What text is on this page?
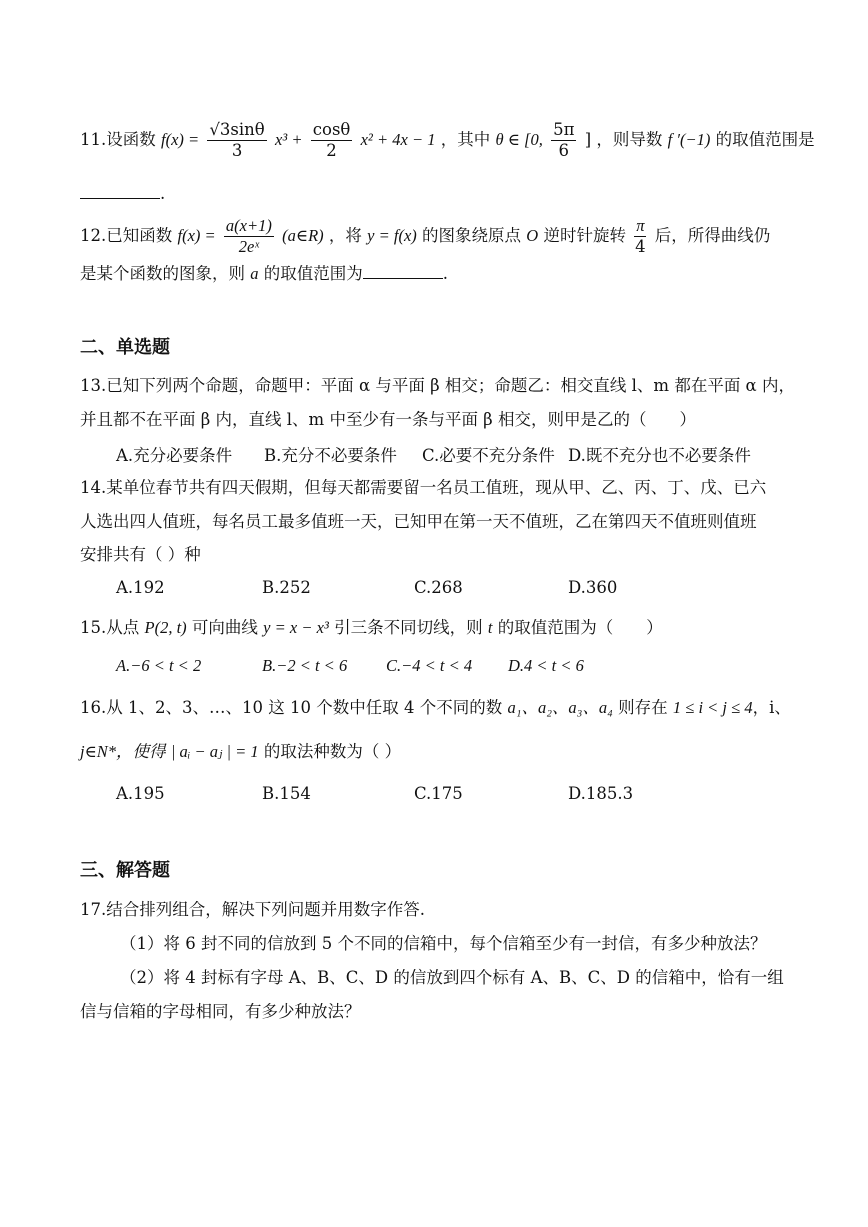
11.设函数 $f(x) = \frac{√3\sin\theta}{3} x^3 + \frac{\cos\theta}{2} x^2 + 4x - 1$ ，其中 θ ∈ [0, $\frac{5\pi}{6}$ ] ，则导数 f ′(−1) 的取值范围是
.
12.已知函数 $f(x) = \frac{a(x+1)}{\text{2eˣ}}$ (a∈R) ，将 y = f(x) 的图象绕原点 O 逆时针旋转 $\frac{\pi}{4}$ 后，所得曲线仍
是某个函数的图象，则 a 的取值范围为	.
二、单选题
13.已知下列两个命题，命题甲：平面 α 与平面 β 相交；命题乙：相交直线 l、m 都在平面 α 内，
并且都不在平面 β 内，直线 l、m 中至少有一条与平面 β 相交，则甲是乙的（　　）
A.充分必要条件 B.充分不必要条件 C.必要不充分条件 D.既不充分也不必要条件
14.某单位春节共有四天假期，但每天都需要留一名员工值班，现从甲、乙、丙、丁、戊、已六
人选出四人值班，每名员工最多值班一天，已知甲在第一天不值班，乙在第四天不值班则值班
安排共有（ ）种
A.192	B.252	C.268	D.360
15.从点 P(2, t) 可向曲线 y = x − x³ 引三条不同切线，则 t 的取值范围为（　　）
A.−6 < t < 2	B.−2 < t < 6 C.−4 < t < 4 D.4 < t < 6
16.从 1、2、3、…、10 这 10 个数中任取 4 个不同的数 a₁、a₂、a₃、a₄ 则存在 1 ≤ i < j ≤ 4，i、
j∈N*，使得 | aᵢ − aⱼ | = 1 的取法种数为（ ）
A.195	B.154	C.175	D.185.3
三、解答题
17.结合排列组合，解决下列问题并用数字作答.
（1）将 6 封不同的信放到 5 个不同的信箱中，每个信箱至少有一封信，有多少种放法？
（2）将 4 封标有字母 A、B、C、D 的信放到四个标有 A、B、C、D 的信箱中，恰有一组
信与信箱的字母相同，有多少种放法？
